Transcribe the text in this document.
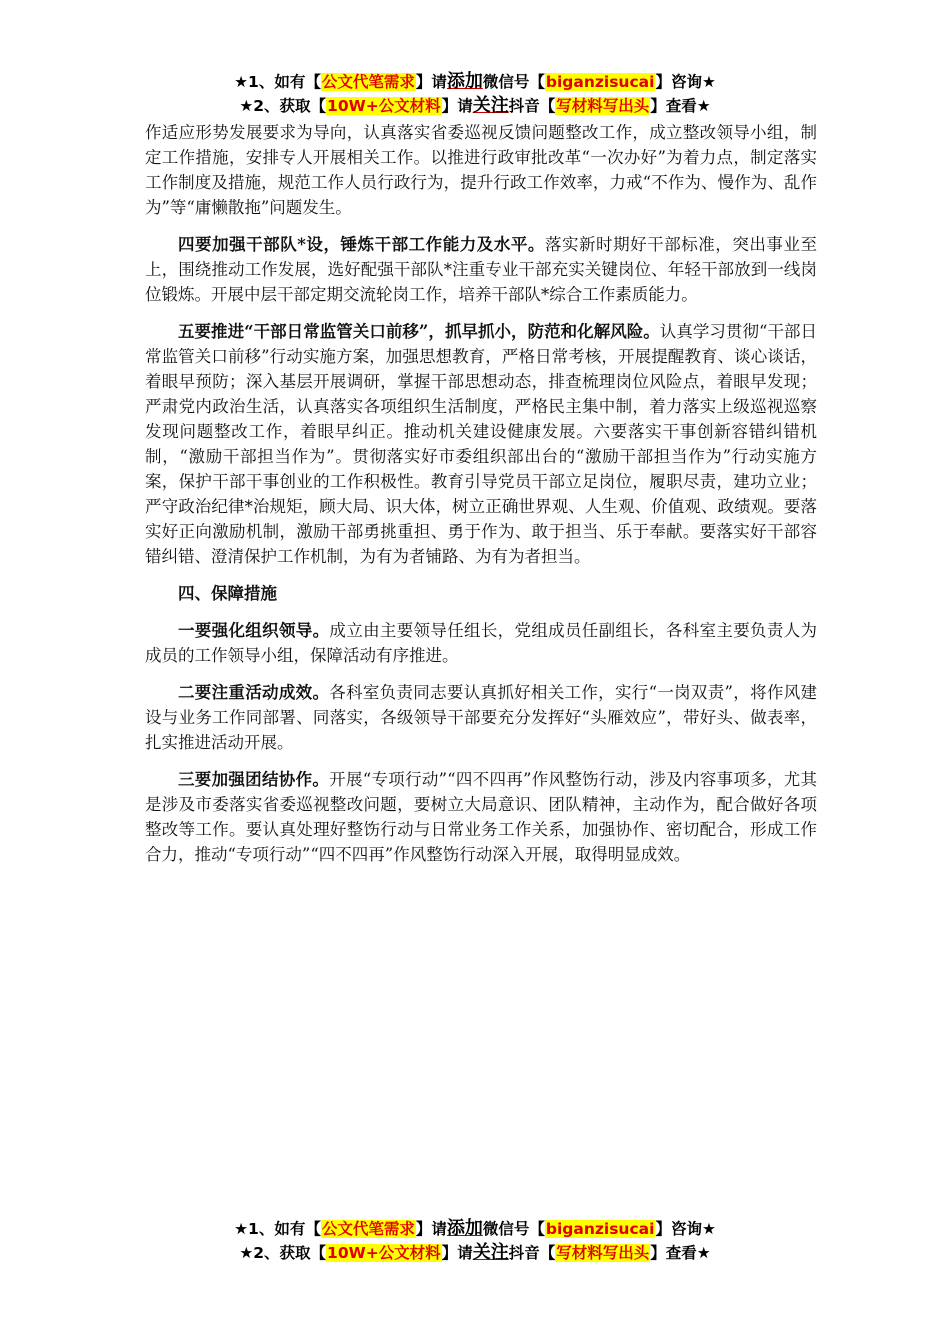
★1、如有【公文代笔需求】请添加微信号【biganzisucai】咨询★
★2、获取【10W+公文材料】请关注抖音【写材料写出头】查看★

作适应形势发展要求为导向，认真落实省委巡视反馈问题整改工作，成立整改领导小组，制定工作措施，安排专人开展相关工作。以推进行政审批改革“一次办好”为着力点，制定落实工作制度及措施，规范工作人员行政行为，提升行政工作效率，力戒“不作为、慢作为、乱作为”等“庸懒散拖”问题发生。

四要加强干部队*设，锤炼干部工作能力及水平。落实新时期好干部标准，突出事业至上，围绕推动工作发展，选好配强干部队*注重专业干部充实关键岗位、年轻干部放到一线岗位锻炼。开展中层干部定期交流轮岗工作，培养干部队*综合工作素质能力。

五要推进“干部日常监管关口前移”，抓早抓小，防范和化解风险。认真学习贯彻“干部日常监管关口前移”行动实施方案，加强思想教育，严格日常考核，开展提醒教育、谈心谈话，着眼早预防；深入基层开展调研，掌握干部思想动态，排查梳理岗位风险点，着眼早发现；严肃党内政治生活，认真落实各项组织生活制度，严格民主集中制，着力落实上级巡视巡察发现问题整改工作，着眼早纠正。推动机关建设健康发展。六要落实干事创新容错纠错机制，“激励干部担当作为”。贯彻落实好市委组织部出台的“激励干部担当作为”行动实施方案，保护干部干事创业的工作积极性。教育引导党员干部立足岗位，履职尽责，建功立业；严守政治纪律*治规矩，顾大局、识大体，树立正确世界观、人生观、价值观、政绩观。要落实好正向激励机制，激励干部勇挑重担、勇于作为、敢于担当、乐于奉献。要落实好干部容错纠错、澄清保护工作机制，为有为者铺路、为有为者担当。

四、保障措施

一要强化组织领导。成立由主要领导任组长，党组成员任副组长，各科室主要负责人为成员的工作领导小组，保障活动有序推进。

二要注重活动成效。各科室负责同志要认真抓好相关工作，实行“一岗双责”，将作风建设与业务工作同部署、同落实，各级领导干部要充分发挥好“头雁效应”，带好头、做表率，扎实推进活动开展。

三要加强团结协作。开展“专项行动”“四不四再”作风整饬行动，涉及内容事项多，尤其是涉及市委落实省委巡视整改问题，要树立大局意识、团队精神，主动作为，配合做好各项整改等工作。要认真处理好整饬行动与日常业务工作关系，加强协作、密切配合，形成工作合力，推动“专项行动”“四不四再”作风整饬行动深入开展，取得明显成效。

★1、如有【公文代笔需求】请添加微信号【biganzisucai】咨询★
★2、获取【10W+公文材料】请关注抖音【写材料写出头】查看★
